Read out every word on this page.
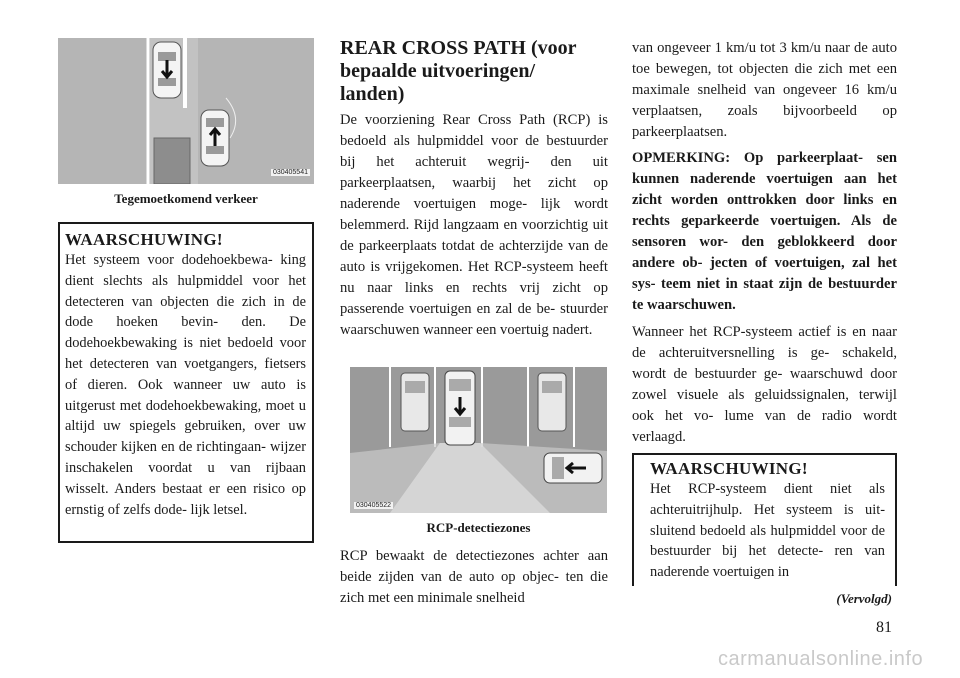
030405541
Tegemoetkomend verkeer
WAARSCHUWING!

Het systeem voor dodehoekbewa- king dient slechts als hulpmiddel voor het detecteren van objecten die zich in de dode hoeken bevin- den. De dodehoekbewaking is niet bedoeld voor het detecteren van voetgangers, fietsers of dieren. Ook wanneer uw auto is uitgerust met dodehoekbewaking, moet u altijd uw spiegels gebruiken, over uw schouder kijken en de richtingaan- wijzer inschakelen voordat u van rijbaan wisselt. Anders bestaat er een risico op ernstig of zelfs dode- lijk letsel.

REAR CROSS PATH (voor bepaalde uitvoeringen/ landen)

De voorziening Rear Cross Path (RCP) is bedoeld als hulpmiddel voor de bestuurder bij het achteruit wegrij- den uit parkeerplaatsen, waarbij het zicht op naderende voertuigen moge- lijk wordt belemmerd. Rijd langzaam en voorzichtig uit de parkeerplaats totdat de achterzijde van de auto is vrijgekomen. Het RCP-systeem heeft nu naar links en rechts vrij zicht op passerende voertuigen en zal de be- stuurder waarschuwen wanneer een voertuig nadert.

030405522
RCP-detectiezones

RCP bewaakt de detectiezones achter aan beide zijden van de auto op objec- ten die zich met een minimale snelheid

van ongeveer 1 km/u tot 3 km/u naar de auto toe bewegen, tot objecten die zich met een maximale snelheid van ongeveer 16 km/u verplaatsen, zoals bijvoorbeeld op parkeerplaatsen.

OPMERKING: Op parkeerplaat- sen kunnen naderende voertuigen aan het zicht worden onttrokken door links en rechts geparkeerde voertuigen. Als de sensoren wor- den geblokkeerd door andere ob- jecten of voertuigen, zal het sys- teem niet in staat zijn de bestuurder te waarschuwen.

Wanneer het RCP-systeem actief is en naar de achteruitversnelling is ge- schakeld, wordt de bestuurder ge- waarschuwd door zowel visuele als geluidssignalen, terwijl ook het vo- lume van de radio wordt verlaagd.

WAARSCHUWING!

Het RCP-systeem dient niet als achteruitrijhulp. Het systeem is uit- sluitend bedoeld als hulpmiddel voor de bestuurder bij het detecte- ren van naderende voertuigen in

(Vervolgd)
81
carmanualsonline.info
